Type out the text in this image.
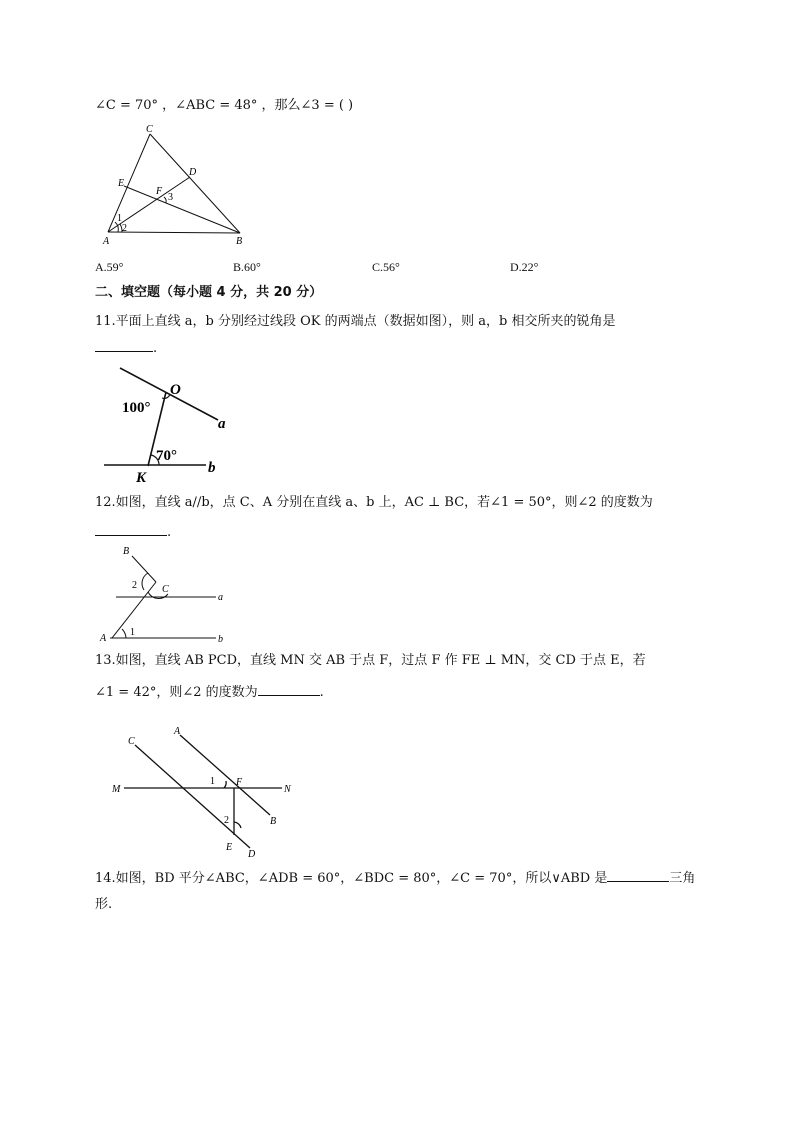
∠C = 70° ，∠ABC = 48° ，那么∠3 = ( )
C
D
E
F
3
1
2
A	B
A.59°	B.60°	C.56°	D.22°
二、填空题（每小题 4 分，共 20 分）
11.平面上直线 a，b 分别经过线段 OK 的两端点（数据如图），则 a，b 相交所夹的锐角是
.
O
a
b
K
100°
70°
12.如图，直线 a//b，点 C、A 分别在直线 a、b 上，AC ⊥ BC，若∠1 = 50°，则∠2 的度数为
.
B
C
a
A	b
1
2
13.如图，直线 AB PCD，直线 MN 交 AB 于点 F，过点 F 作 FE ⊥ MN，交 CD 于点 E，若
∠1 = 42°，则∠2 的度数为	.
C
A
M	N
F
1
2	B
E
D
14.如图，BD 平分∠ABC，∠ADB = 60°，∠BDC = 80°，∠C = 70°，所以∨ABD 是	三角
形.
